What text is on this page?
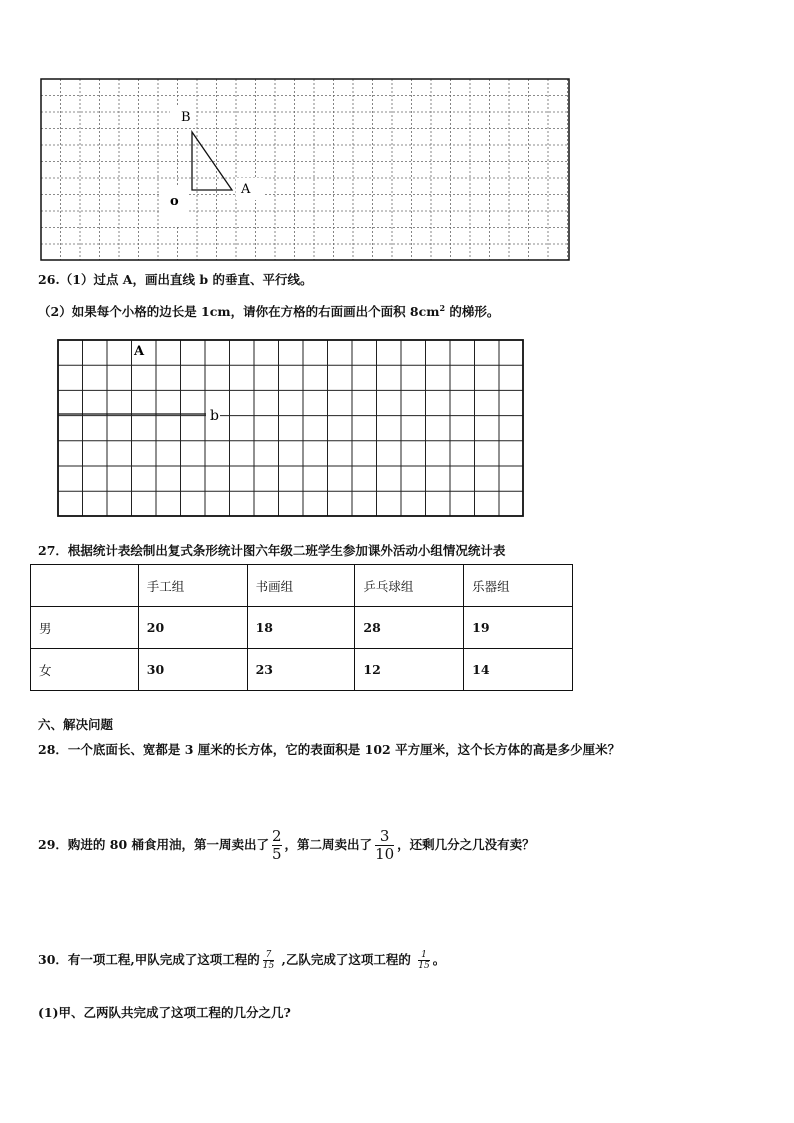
B
A
o
26.（1）过点 A，画出直线 b 的垂直、平行线。
（2）如果每个小格的边长是 1cm，请你在方格的右面画出个面积 $8cm^2$ 的梯形。
A
b
27．根据统计表绘制出复式条形统计图六年级二班学生参加课外活动小组情况统计表
	手工组	书画组	乒乓球组	乐器组
男	20	18	28	19
女	30	23	12	14
六、解决问题
28．一个底面长、宽都是 3 厘米的长方体，它的表面积是 102 平方厘米，这个长方体的高是多少厘米？
29．购进的 80 桶食用油，第一周卖出了 $\frac{2}{5}$ ，第二周卖出了 $\frac{3}{10}$ ，还剩几分之几没有卖？
30．有一项工程,甲队完成了这项工程的 $\frac{7}{15}$ ,乙队完成了这项工程的 $\frac{1}{15}$ 。
(1)甲、乙两队共完成了这项工程的几分之几?
